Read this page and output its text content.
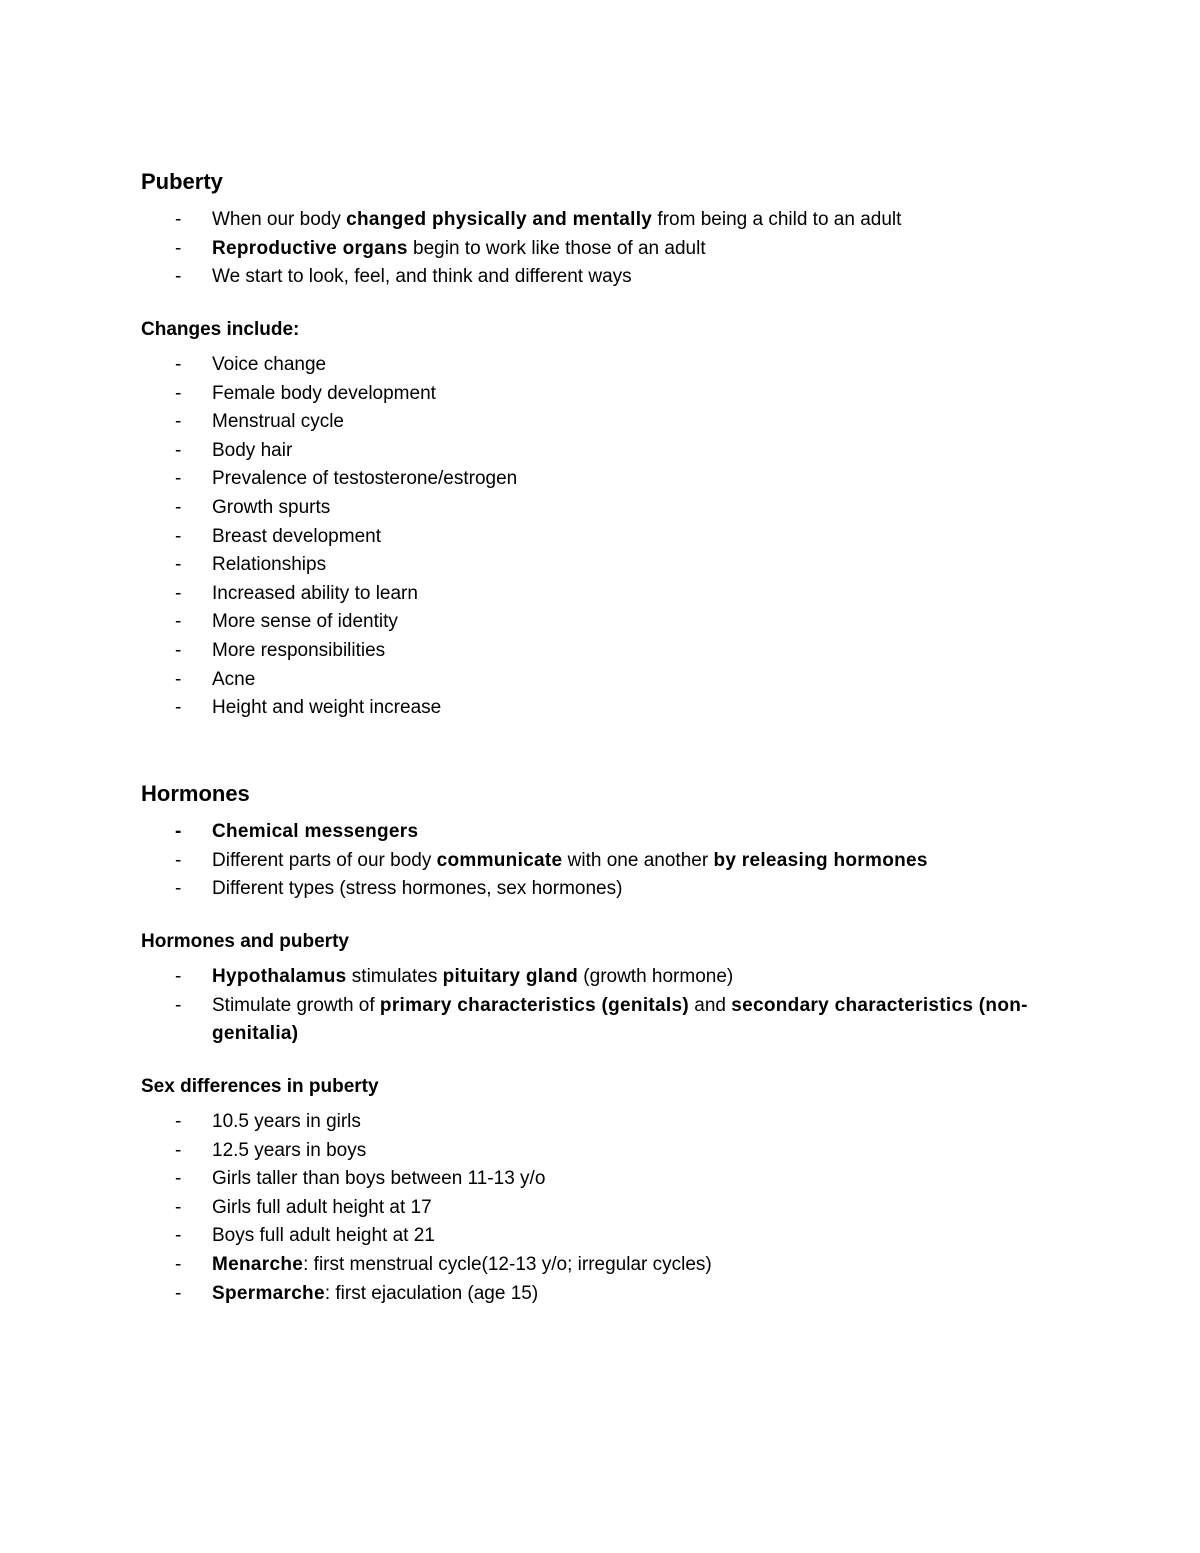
Puberty
- When our body changed physically and mentally from being a child to an adult
- Reproductive organs begin to work like those of an adult
- We start to look, feel, and think and different ways
Changes include:
- Voice change
- Female body development
- Menstrual cycle
- Body hair
- Prevalence of testosterone/estrogen
- Growth spurts
- Breast development
- Relationships
- Increased ability to learn
- More sense of identity
- More responsibilities
- Acne
- Height and weight increase
Hormones
- Chemical messengers
- Different parts of our body communicate with one another by releasing hormones
- Different types (stress hormones, sex hormones)
Hormones and puberty
- Hypothalamus stimulates pituitary gland (growth hormone)
- Stimulate growth of primary characteristics (genitals) and secondary characteristics (non-genitalia)
Sex differences in puberty
- 10.5 years in girls
- 12.5 years in boys
- Girls taller than boys between 11-13 y/o
- Girls full adult height at 17
- Boys full adult height at 21
- Menarche: first menstrual cycle(12-13 y/o; irregular cycles)
- Spermarche: first ejaculation (age 15)
